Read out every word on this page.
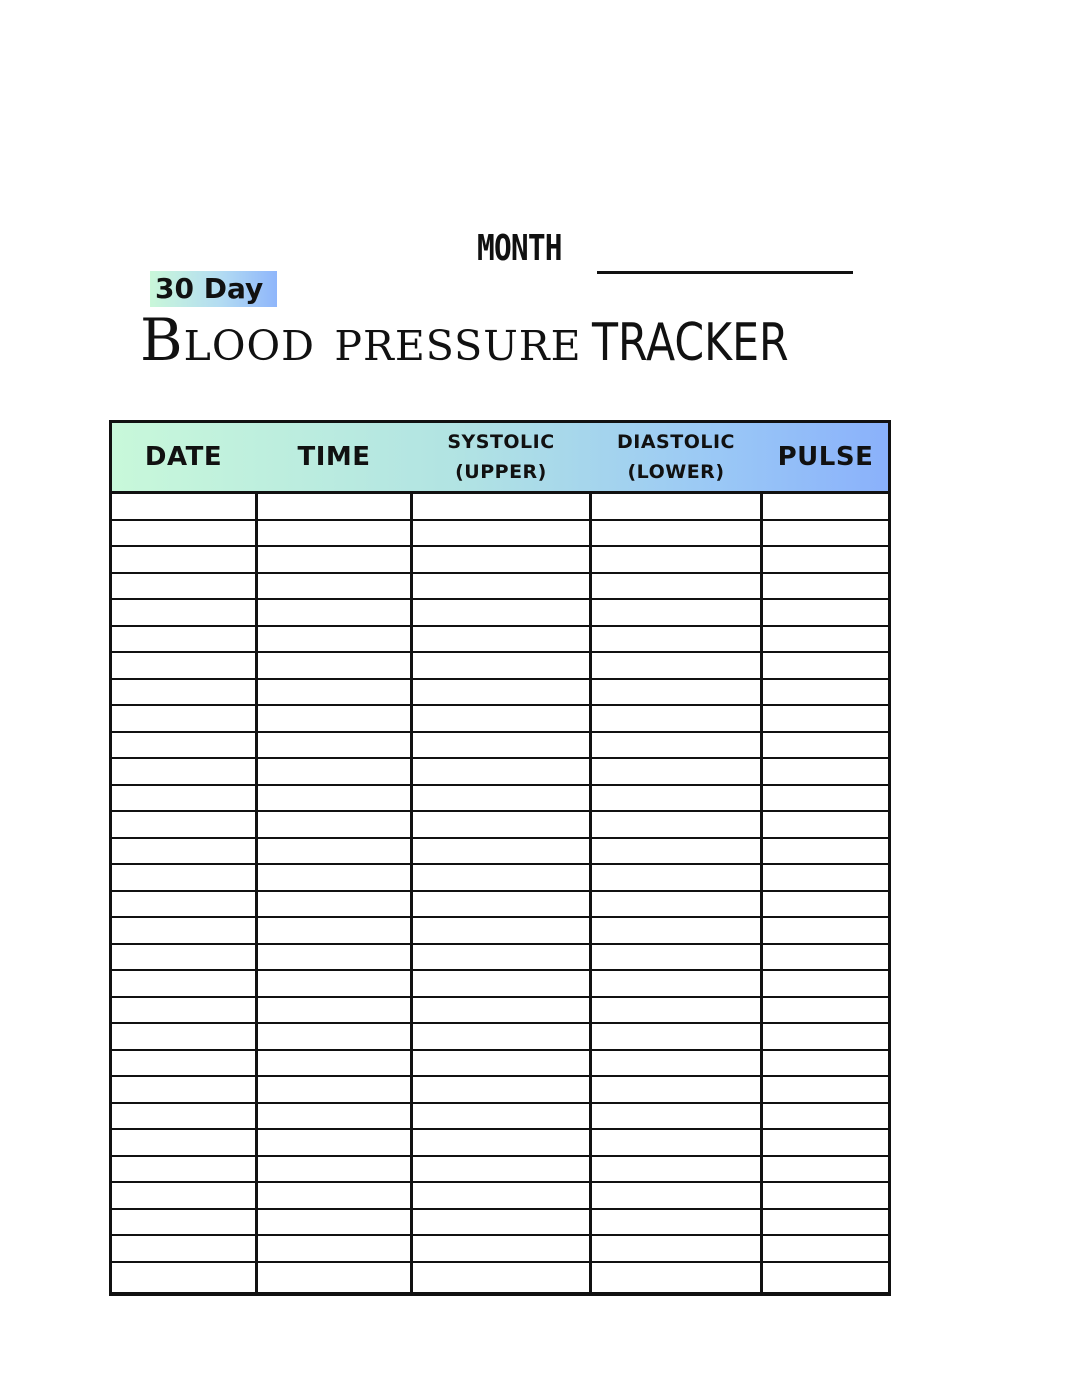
MONTH
30 Day
Blood pressure TRACKER
DATE	TIME	SYSTOLIC
(UPPER)
DIASTOLIC
(LOWER) PULSE
